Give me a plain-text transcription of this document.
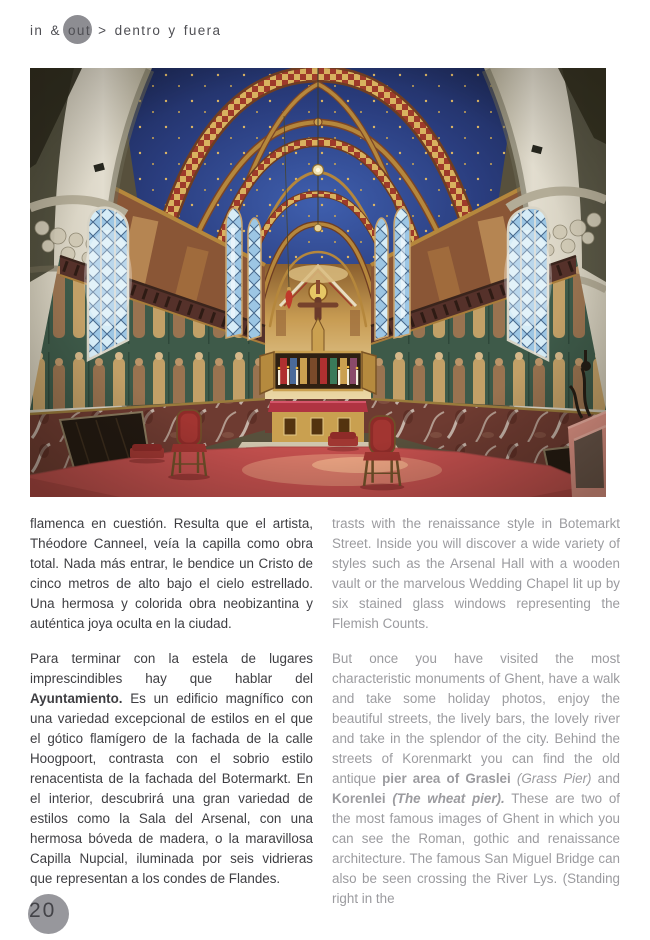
in & out > dentro y fuera

flamenca en cuestión. Resulta que el artista, Théodore Canneel, veía la capilla como obra total. Nada más entrar, le bendice un Cristo de cinco metros de alto bajo el cielo estrellado. Una hermosa y colorida obra neobizantina y auténtica joya oculta en la ciudad.

Para terminar con la estela de lugares imprescindibles hay que hablar del Ayuntamiento. Es un edificio magnífico con una variedad excepcional de estilos en el que el gótico flamígero de la fachada de la calle Hoogpoort, contrasta con el sobrio estilo renacentista de la fachada del Botermarkt. En el interior, descubrirá una gran variedad de estilos como la Sala del Arsenal, con una hermosa bóveda de madera, o la maravillosa Capilla Nupcial, iluminada por seis vidrieras que representan a los condes de Flandes.

trasts with the renaissance style in Botemarkt Street. Inside you will discover a wide variety of styles such as the Arsenal Hall with a wooden vault or the marvelous Wedding Chapel lit up by six stained glass windows representing the Flemish Counts.

But once you have visited the most characteristic monuments of Ghent, have a walk and take some holiday photos, enjoy the beautiful streets, the lively bars, the lovely river and take in the splendor of the city. Behind the streets of Korenmarkt you can find the old antique pier area of Graslei (Grass Pier) and Korenlei (The wheat pier). These are two of the most famous images of Ghent in which you can see the Roman, gothic and renaissance architecture. The famous San Miguel Bridge can also be seen crossing the River Lys. (Standing right in the

20
